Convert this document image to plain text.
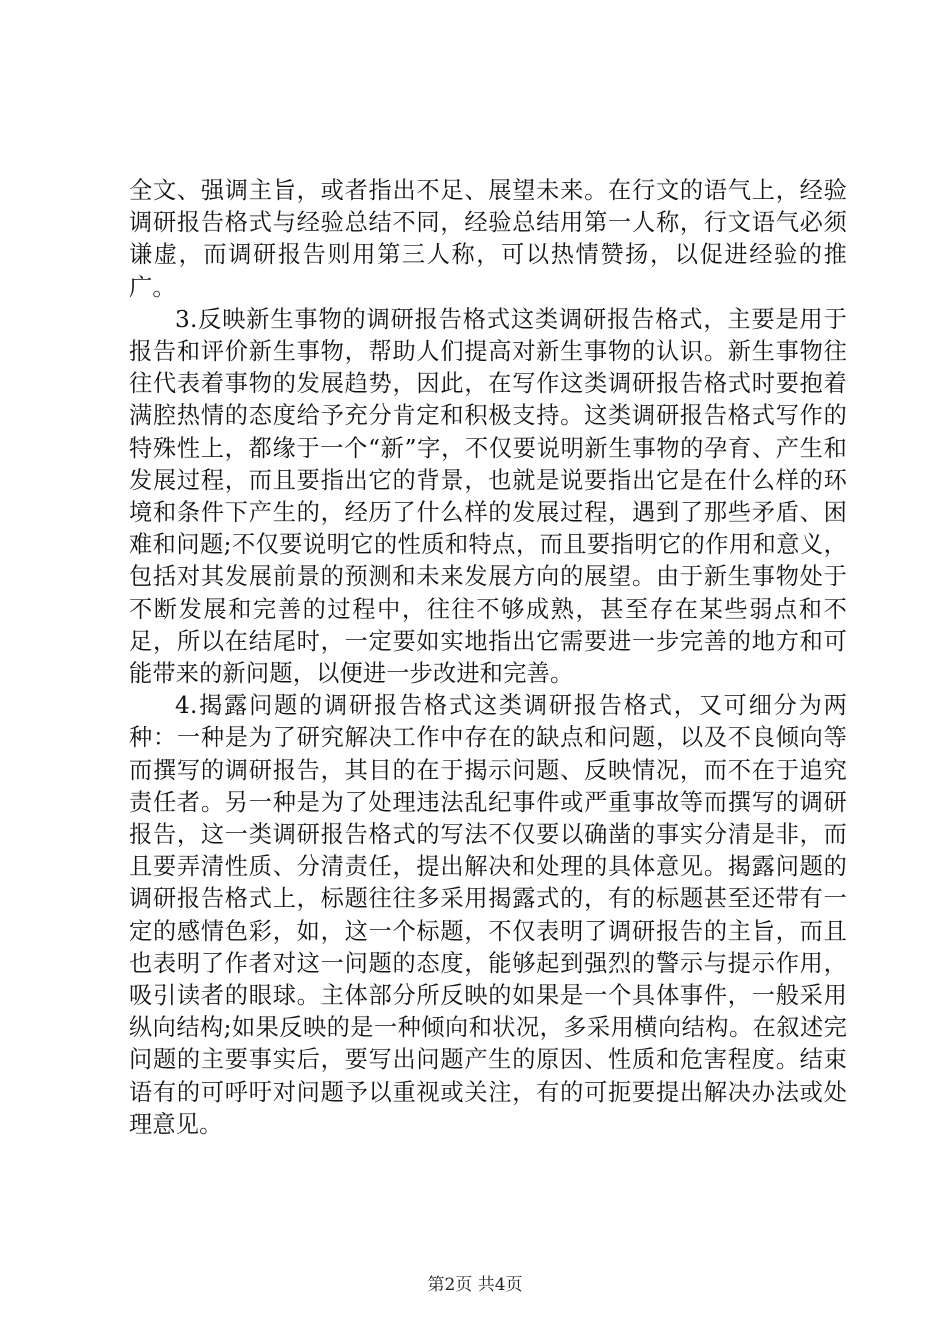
全文、强调主旨，或者指出不足、展望未来。在行文的语气上，经验调研报告格式与经验总结不同，经验总结用第一人称，行文语气必须谦虚，而调研报告则用第三人称，可以热情赞扬，以促进经验的推广。

3.反映新生事物的调研报告格式这类调研报告格式，主要是用于报告和评价新生事物，帮助人们提高对新生事物的认识。新生事物往往代表着事物的发展趋势，因此，在写作这类调研报告格式时要抱着满腔热情的态度给予充分肯定和积极支持。这类调研报告格式写作的特殊性上，都缘于一个“新”字，不仅要说明新生事物的孕育、产生和发展过程，而且要指出它的背景，也就是说要指出它是在什么样的环境和条件下产生的，经历了什么样的发展过程，遇到了那些矛盾、困难和问题;不仅要说明它的性质和特点，而且要指明它的作用和意义，包括对其发展前景的预测和未来发展方向的展望。由于新生事物处于不断发展和完善的过程中，往往不够成熟，甚至存在某些弱点和不足，所以在结尾时，一定要如实地指出它需要进一步完善的地方和可能带来的新问题，以便进一步改进和完善。

4.揭露问题的调研报告格式这类调研报告格式，又可细分为两种：一种是为了研究解决工作中存在的缺点和问题，以及不良倾向等而撰写的调研报告，其目的在于揭示问题、反映情况，而不在于追究责任者。另一种是为了处理违法乱纪事件或严重事故等而撰写的调研报告，这一类调研报告格式的写法不仅要以确凿的事实分清是非，而且要弄清性质、分清责任，提出解决和处理的具体意见。揭露问题的调研报告格式上，标题往往多采用揭露式的，有的标题甚至还带有一定的感情色彩，如，这一个标题，不仅表明了调研报告的主旨，而且也表明了作者对这一问题的态度，能够起到强烈的警示与提示作用，吸引读者的眼球。主体部分所反映的如果是一个具体事件，一般采用纵向结构;如果反映的是一种倾向和状况，多采用横向结构。在叙述完问题的主要事实后，要写出问题产生的原因、性质和危害程度。结束语有的可呼吁对问题予以重视或关注，有的可扼要提出解决办法或处理意见。

第2页 共4页
